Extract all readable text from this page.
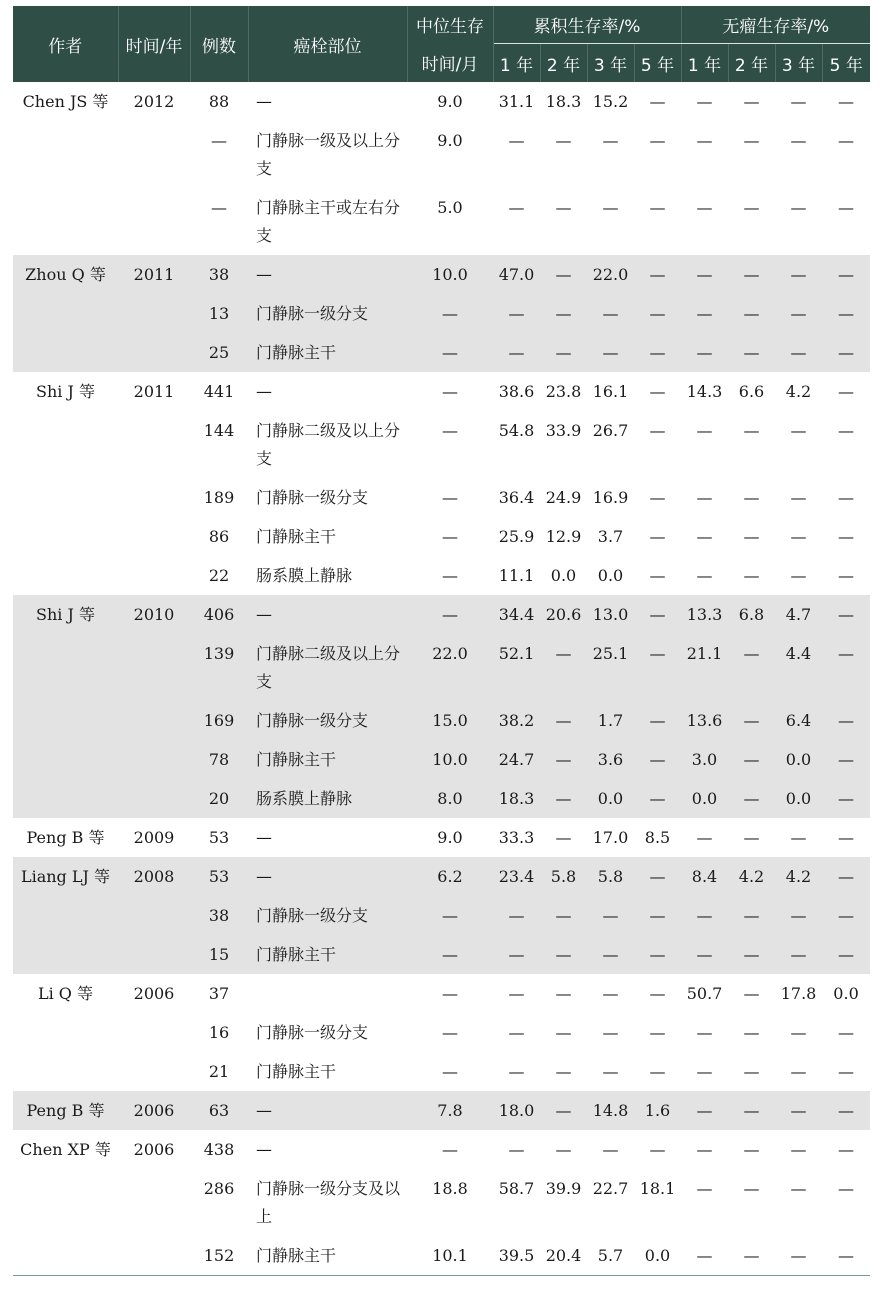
作者	时间/年	例数	癌栓部位	中位生存	累积生存率/%				无瘤生存率/%			
				时间/月	1 年	2 年	3 年	5 年	1 年	2 年	3 年	5 年
Chen JS 等	2012	88	—	9.0	31.1	18.3	15.2	—	—	—	—	—
		—	门静脉一级及以上分支	9.0	—	—	—	—	—	—	—	—
		—	门静脉主干或左右分支	5.0	—	—	—	—	—	—	—	—
Zhou Q 等	2011	38	—	10.0	47.0	—	22.0	—	—	—	—	—
		13	门静脉一级分支	—	—	—	—	—	—	—	—	—
		25	门静脉主干	—	—	—	—	—	—	—	—	—
Shi J 等	2011	441	—	—	38.6	23.8	16.1	—	14.3	6.6	4.2	—
		144	门静脉二级及以上分支	—	54.8	33.9	26.7	—	—	—	—	—
		189	门静脉一级分支	—	36.4	24.9	16.9	—	—	—	—	—
		86	门静脉主干	—	25.9	12.9	3.7	—	—	—	—	—
		22	肠系膜上静脉	—	11.1	0.0	0.0	—	—	—	—	—
Shi J 等	2010	406	—	—	34.4	20.6	13.0	—	13.3	6.8	4.7	—
		139	门静脉二级及以上分支	22.0	52.1	—	25.1	—	21.1	—	4.4	—
		169	门静脉一级分支	15.0	38.2	—	1.7	—	13.6	—	6.4	—
		78	门静脉主干	10.0	24.7	—	3.6	—	3.0	—	0.0	—
		20	肠系膜上静脉	8.0	18.3	—	0.0	—	0.0	—	0.0	—
Peng B 等	2009	53	—	9.0	33.3	—	17.0	8.5	—	—	—	—
Liang LJ 等	2008	53	—	6.2	23.4	5.8	5.8	—	8.4	4.2	4.2	—
		38	门静脉一级分支	—	—	—	—	—	—	—	—	—
		15	门静脉主干	—	—	—	—	—	—	—	—	—
Li Q 等	2006	37		—	—	—	—	—	50.7	—	17.8	0.0
		16	门静脉一级分支	—	—	—	—	—	—	—	—	—
		21	门静脉主干	—	—	—	—	—	—	—	—	—
Peng B 等	2006	63	—	7.8	18.0	—	14.8	1.6	—	—	—	—
Chen XP 等	2006	438	—	—	—	—	—	—	—	—	—	—
		286	门静脉一级分支及以上	18.8	58.7	39.9	22.7	18.1	—	—	—	—
		152	门静脉主干	10.1	39.5	20.4	5.7	0.0	—	—	—	—
